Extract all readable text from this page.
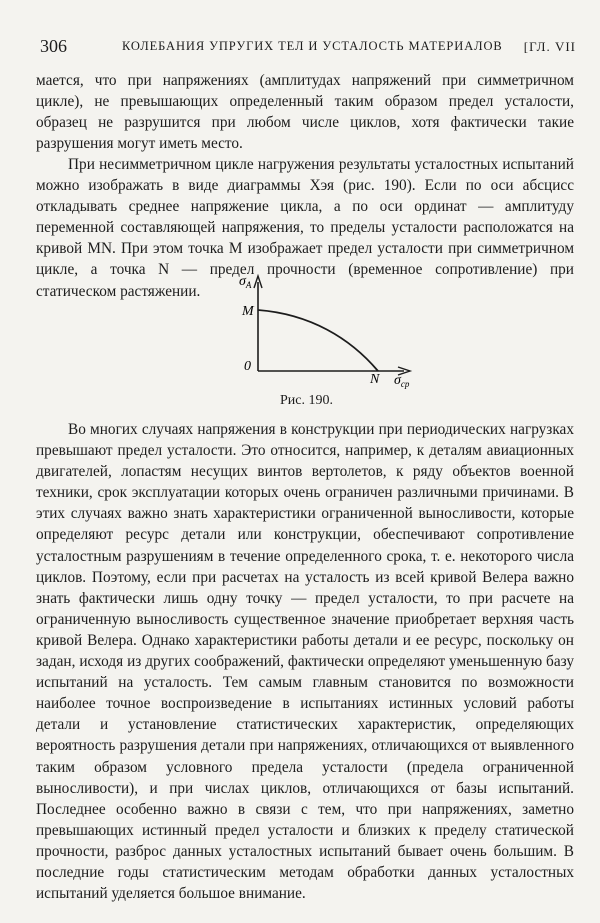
306	КОЛЕБАНИЯ УПРУГИХ ТЕЛ И УСТАЛОСТЬ МАТЕРИАЛОВ [ГЛ. VII

мается, что при напряжениях (амплитудах напряжений при симметричном цикле), не превышающих определенный таким образом предел усталости, образец не разрушится при любом числе циклов, хотя фактически такие разрушения могут иметь место.

При несимметричном цикле нагружения результаты усталостных испытаний можно изображать в виде диаграммы Хэя (рис. 190). Если по оси абсцисс откладывать среднее напряжение цикла, а по оси ординат — амплитуду переменной составляющей напряжения, то пределы усталости расположатся на кривой MN. При этом точка M изображает предел усталости при симметричном цикле, а точка N — предел прочности (временное сопротивление) при статическом растяжении.

$\sigma_А$
M
0
N $\sigma_{ср}$
Рис. 190.

Во многих случаях напряжения в конструкции при периодических нагрузках превышают предел усталости. Это относится, например, к деталям авиационных двигателей, лопастям несущих винтов вертолетов, к ряду объектов военной техники, срок эксплуатации которых очень ограничен различными причинами. В этих случаях важно знать характеристики ограниченной выносливости, которые определяют ресурс детали или конструкции, обеспечивают сопротивление усталостным разрушениям в течение определенного срока, т. е. некоторого числа циклов. Поэтому, если при расчетах на усталость из всей кривой Велера важно знать фактически лишь одну точку — предел усталости, то при расчете на ограниченную выносливость существенное значение приобретает верхняя часть кривой Велера. Однако характеристики работы детали и ее ресурс, поскольку он задан, исходя из других соображений, фактически определяют уменьшенную базу испытаний на усталость. Тем самым главным становится по возможности наиболее точное воспроизведение в испытаниях истинных условий работы детали и установление статистических характеристик, определяющих вероятность разрушения детали при напряжениях, отличающихся от выявленного таким образом условного предела усталости (предела ограниченной выносливости), и при числах циклов, отличающихся от базы испытаний. Последнее особенно важно в связи с тем, что при напряжениях, заметно превышающих истинный предел усталости и близких к пределу статической прочности, разброс данных усталостных испытаний бывает очень большим. В последние годы статистическим методам обработки данных усталостных испытаний уделяется большое внимание.
